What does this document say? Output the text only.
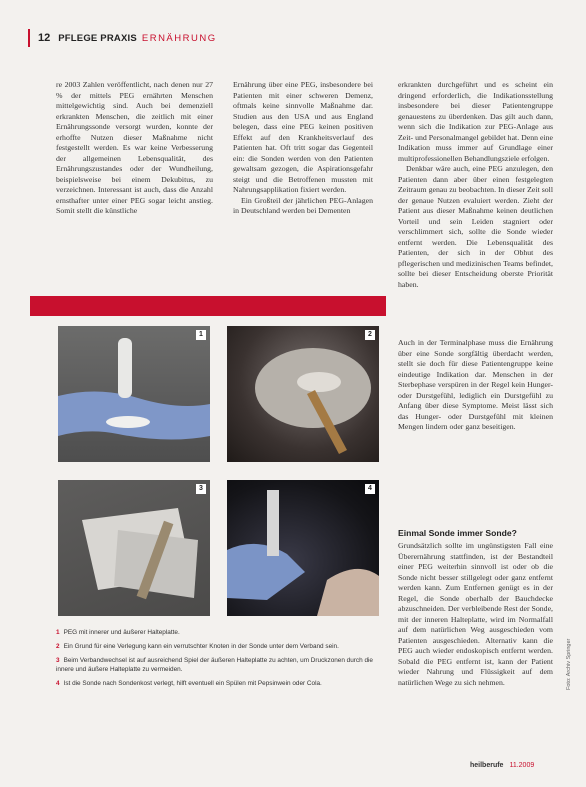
12 PFLEGE PRAXIS ERNÄHRUNG

re 2003 Zahlen veröffentlicht, nach denen nur 27 % der mittels PEG ernährten Menschen mittelgewichtig sind. Auch bei demenziell erkrankten Menschen, die zeitlich mit einer Ernährungssonde versorgt wurden, konnte der erhoffte Nutzen dieser Maßnahme nicht festgestellt werden. Es war keine Verbesserung der allgemeinen Lebensqualität, des Ernährungszustandes oder der Wundheilung, beispielsweise bei einem Dekubitus, zu verzeichnen. Interessant ist auch, dass die Anzahl ernsthafter unter einer PEG sogar leicht anstieg. Somit stellt die künstliche

Ernährung über eine PEG, insbesondere bei Patienten mit einer schweren Demenz, oftmals keine sinnvolle Maßnahme dar. Studien aus den USA und aus England belegen, dass eine PEG keinen positiven Effekt auf den Krankheitsverlauf des Patienten hat. Oft tritt sogar das Gegenteil ein: die Sonden werden von den Patienten gewaltsam gezogen, die Aspirationsgefahr steigt und die Betroffenen mussten mit Nahrungsapplikation fixiert werden.

Ein Großteil der jährlichen PEG-Anlagen in Deutschland werden bei Dementen

erkrankten durchgeführt und es scheint ein dringend erforderlich, die Indikationsstellung insbesondere bei dieser Patientengruppe genauestens zu überdenken. Das gilt auch dann, wenn sich die Indikation zur PEG-Anlage aus Zeit- und Personalmangel gebildet hat. Denn eine Indikation muss immer auf Grundlage einer multiprofessionellen Behandlungsziele erfolgen.

Denkbar wäre auch, eine PEG anzulegen, den Patienten dann aber über einen festgelegten Zeitraum genau zu beobachten. In dieser Zeit soll der genaue Nutzen evaluiert werden. Zieht der Patient aus dieser Maßnahme keinen deutlichen Vorteil und sein Leiden stagniert oder verschlimmert sich, sollte die Sonde wieder entfernt werden. Die Lebensqualität des Patienten, der sich in der Obhut des pflegerischen und medizinischen Teams befindet, sollte bei dieser Entscheidung oberste Priorität haben.

Auch in der Terminalphase muss die Ernährung über eine Sonde sorgfältig überdacht werden, stellt sie doch für diese Patientengruppe keine eindeutige Indikation dar. Menschen in der Sterbephase verspüren in der Regel kein Hunger- oder Durstgefühl, lediglich ein Durstgefühl zu Anfang über diese Symptome. Meist lässt sich das Hunger- oder Durstgefühl mit kleinen Mengen lindern oder ganz beseitigen.

1	2
3	4
1 PEG mit innerer und äußerer Halteplatte.
2 Ein Grund für eine Verlegung kann ein verrutschter Knoten in der Sonde unter dem Verband sein.
3 Beim Verbandwechsel ist auf ausreichend Spiel der äußeren Halteplatte zu achten, um Druckzonen durch die innere und äußere Halteplatte zu vermeiden.
4 Ist die Sonde nach Sondenkost verlegt, hilft eventuell ein Spülen mit Pepsinwein oder Cola.
Einmal Sonde immer Sonde?

Grundsätzlich sollte im ungünstigsten Fall eine Überernährung stattfinden, ist der Bestandteil einer PEG weiterhin sinnvoll ist oder ob die Sonde nicht besser stillgelegt oder ganz entfernt werden kann. Zum Entfernen genügt es in der Regel, die Sonde oberhalb der Bauchdecke abzuschneiden. Der verbleibende Rest der Sonde, mit der inneren Halteplatte, wird im Normalfall auf dem natürlichen Weg ausgeschieden vom Patienten ausgeschieden. Alternativ kann die PEG auch wieder endoskopisch entfernt werden. Sobald die PEG entfernt ist, kann der Patient wieder Nahrung und Flüssigkeit auf dem natürlichen Wege zu sich nehmen.

heilberufe 11.2009
Foto: Archiv Springer
